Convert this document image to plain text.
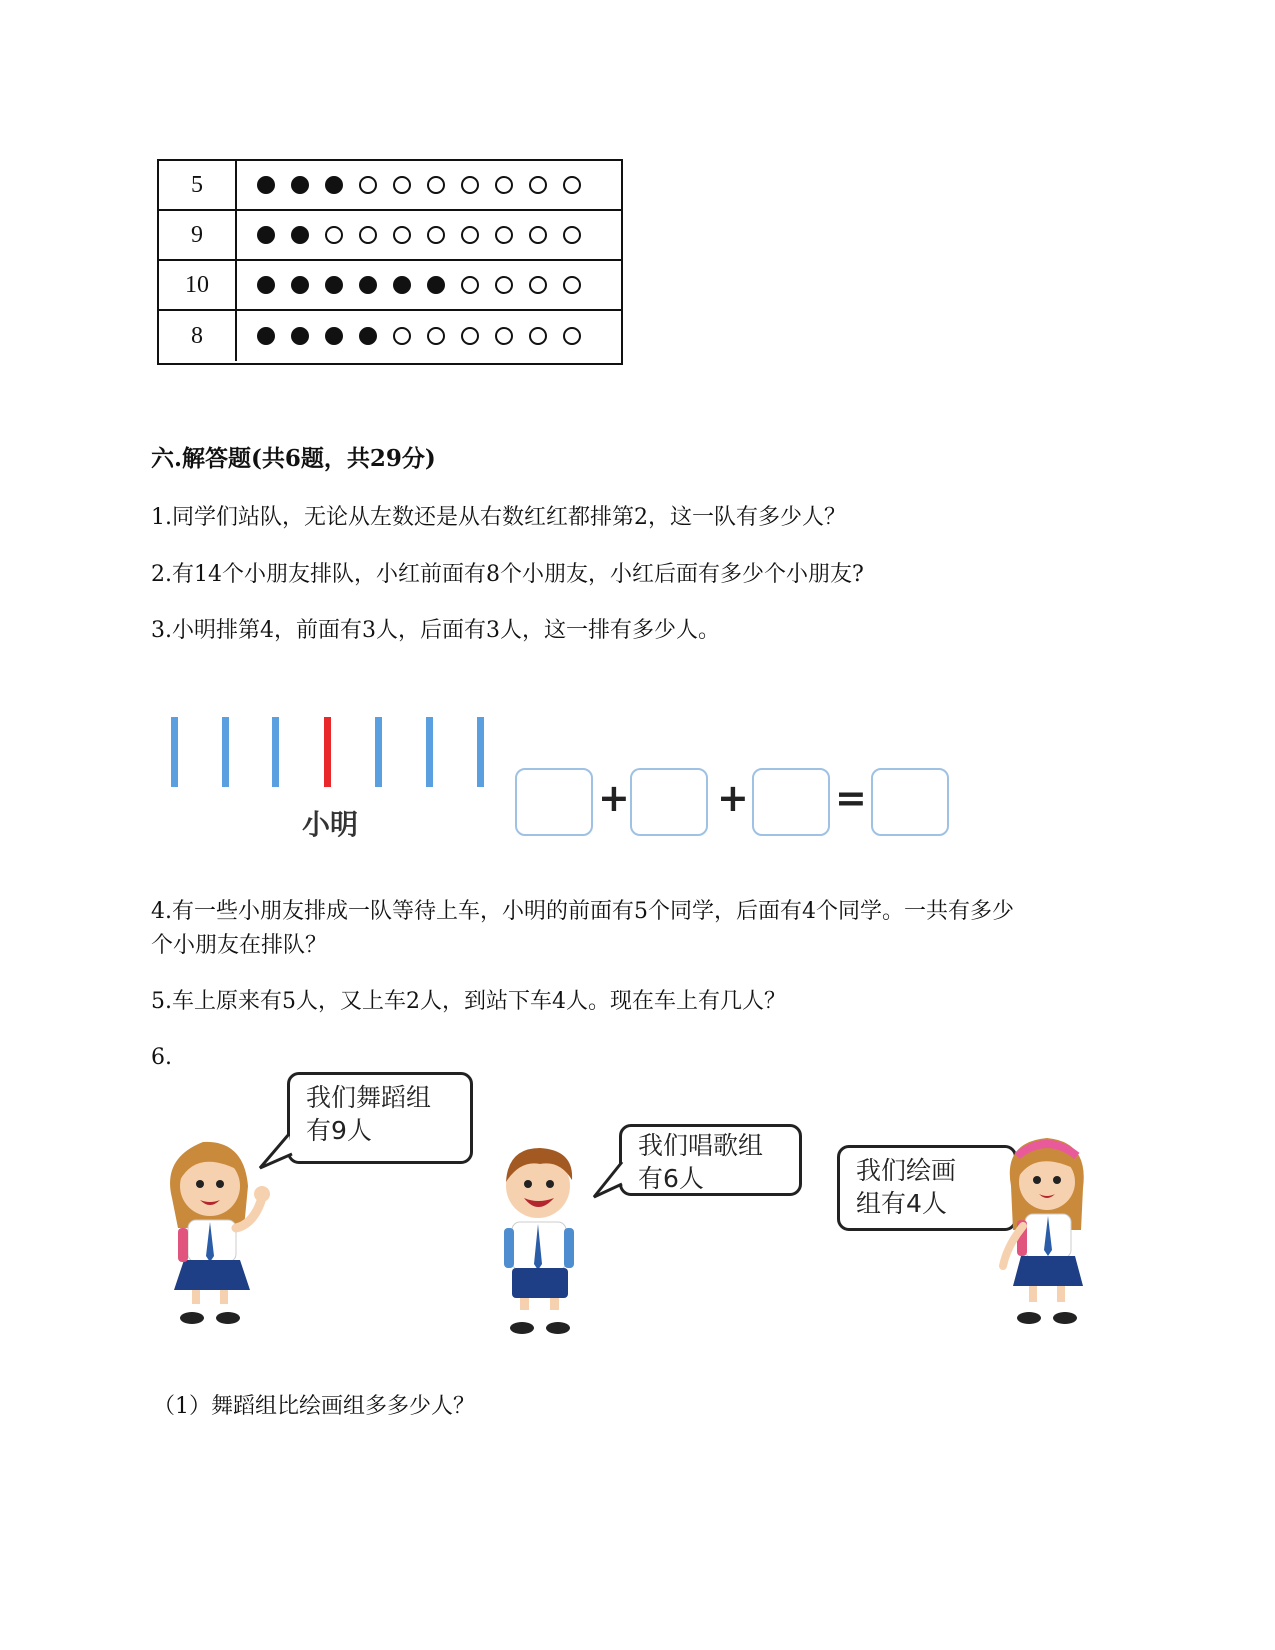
5
9
10
8
六.解答题(共6题，共29分)
1.同学们站队，无论从左数还是从右数红红都排第2，这一队有多少人？
2.有14个小朋友排队，小红前面有8个小朋友，小红后面有多少个小朋友?
3.小明排第4，前面有3人，后面有3人，这一排有多少人。
小明
+ + =
4.有一些小朋友排成一队等待上车，小明的前面有5个同学，后面有4个同学。一共有多少
个小朋友在排队？
5.车上原来有5人，又上车2人，到站下车4人。现在车上有几人？
6.
我们舞蹈组
有9人
我们唱歌组
有6人	我们绘画
组有4人
（1）舞蹈组比绘画组多多少人？
